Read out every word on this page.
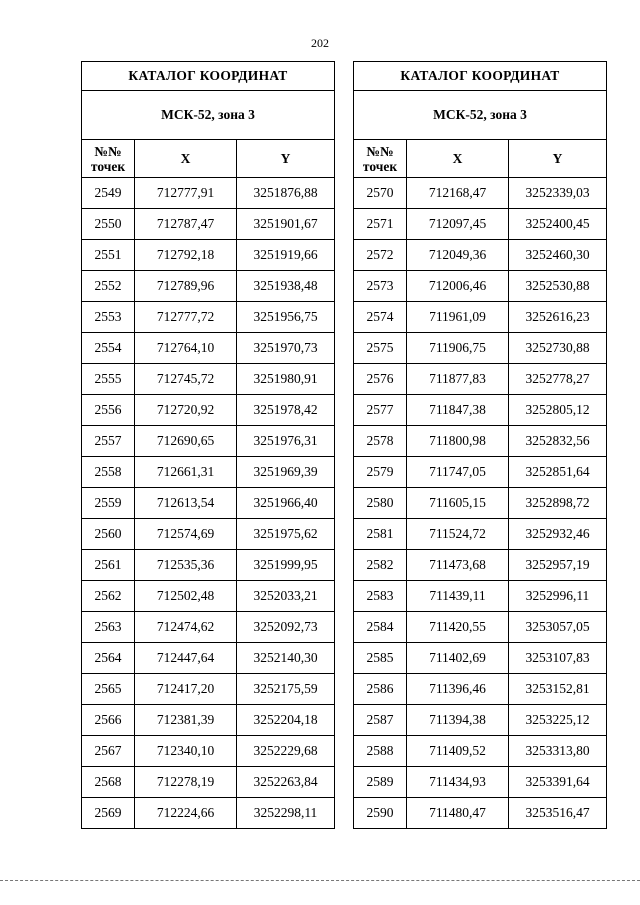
202
КАТАЛОГ КООРДИНАТ		
МСК-52, зона 3		

№№
точек	X	Y
2549	712777,91	3251876,88
2550	712787,47	3251901,67
2551	712792,18	3251919,66
2552	712789,96	3251938,48
2553	712777,72	3251956,75
2554	712764,10	3251970,73
2555	712745,72	3251980,91
2556	712720,92	3251978,42
2557	712690,65	3251976,31
2558	712661,31	3251969,39
2559	712613,54	3251966,40
2560	712574,69	3251975,62
2561	712535,36	3251999,95
2562	712502,48	3252033,21
2563	712474,62	3252092,73
2564	712447,64	3252140,30
2565	712417,20	3252175,59
2566	712381,39	3252204,18
2567	712340,10	3252229,68
2568	712278,19	3252263,84
2569	712224,66	3252298,11
КАТАЛОГ КООРДИНАТ		
МСК-52, зона 3		

№№
точек	X	Y
2570	712168,47	3252339,03
2571	712097,45	3252400,45
2572	712049,36	3252460,30
2573	712006,46	3252530,88
2574	711961,09	3252616,23
2575	711906,75	3252730,88
2576	711877,83	3252778,27
2577	711847,38	3252805,12
2578	711800,98	3252832,56
2579	711747,05	3252851,64
2580	711605,15	3252898,72
2581	711524,72	3252932,46
2582	711473,68	3252957,19
2583	711439,11	3252996,11
2584	711420,55	3253057,05
2585	711402,69	3253107,83
2586	711396,46	3253152,81
2587	711394,38	3253225,12
2588	711409,52	3253313,80
2589	711434,93	3253391,64
2590	711480,47	3253516,47
